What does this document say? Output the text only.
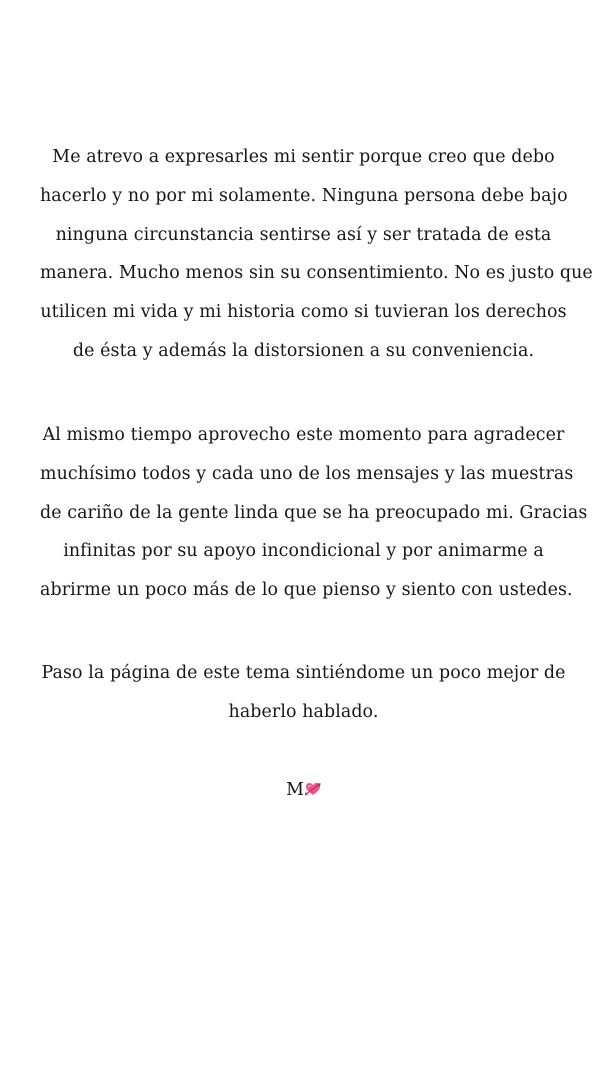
Me atrevo a expresarles mi sentir porque creo que debo
hacerlo y no por mi solamente. Ninguna persona debe bajo
ninguna circunstancia sentirse así y ser tratada de esta
manera. Mucho menos sin su consentimiento. No es justo que
utilicen mi vida y mi historia como si tuvieran los derechos
de ésta y además la distorsionen a su conveniencia.

Al mismo tiempo aprovecho este momento para agradecer
muchísimo todos y cada uno de los mensajes y las muestras
de cariño de la gente linda que se ha preocupado mi. Gracias
infinitas por su apoyo incondicional y por animarme a
abrirme un poco más de lo que pienso y siento con ustedes.

Paso la página de este tema sintiéndome un poco mejor de
haberlo hablado.

M
